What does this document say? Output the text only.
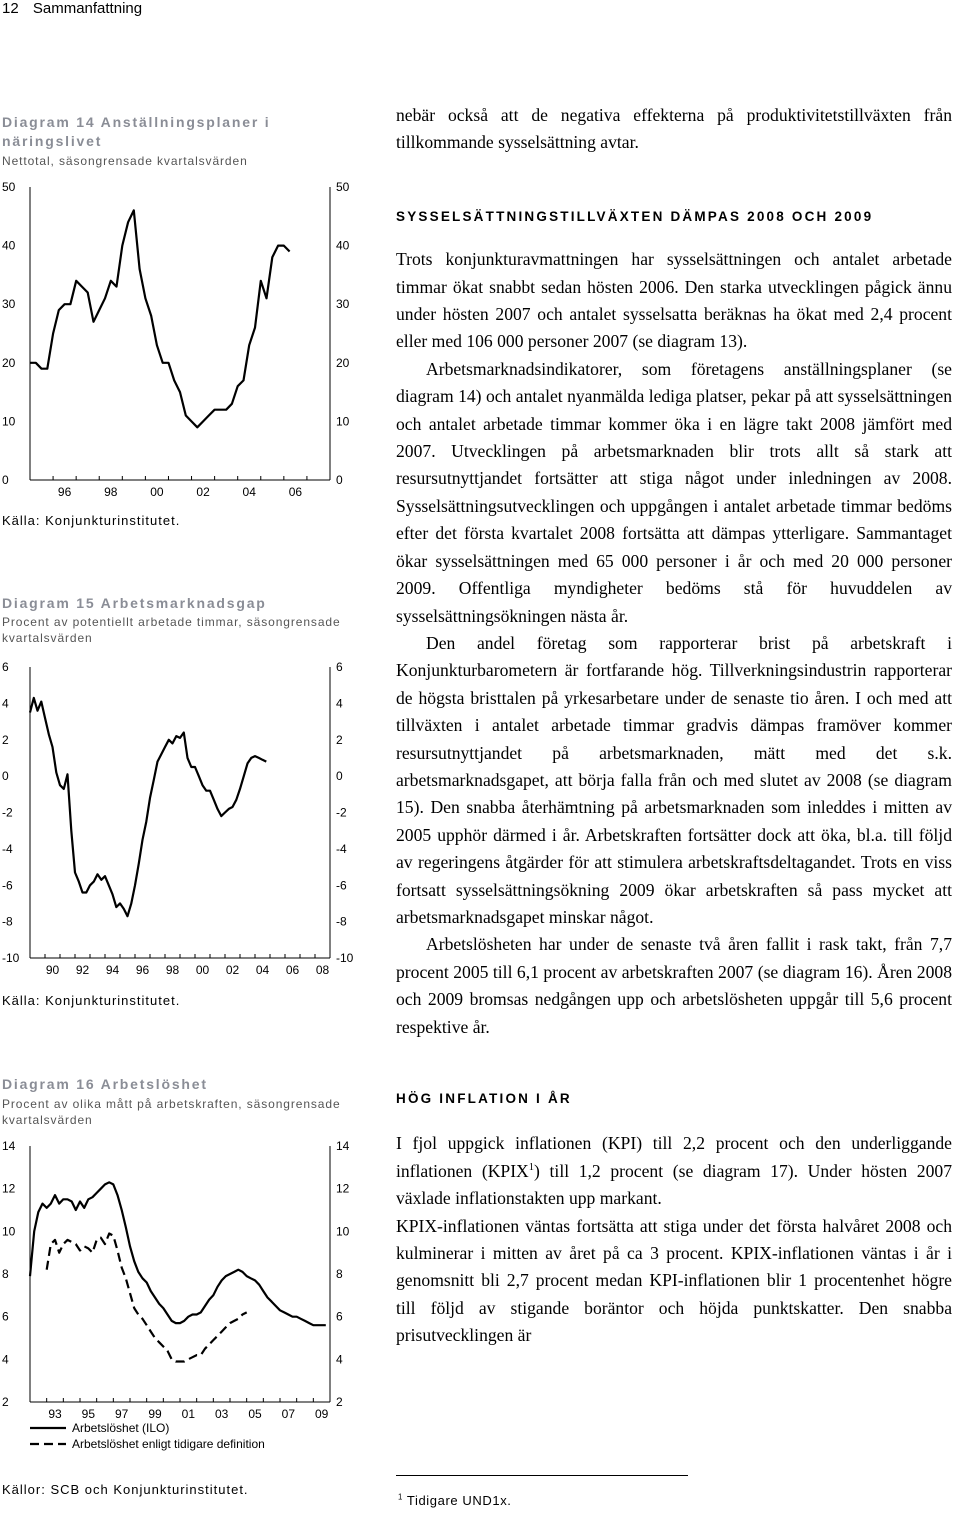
12 Sammanfattning
Diagram 14 Anställningsplaner i näringslivet
Nettotal, säsongrensade kvartalsvärden
0	0
10	10
20	20
30	30
40	40
50	50
96	98	00	02	04	06
Källa: Konjunkturinstitutet.
Diagram 15 Arbetsmarknadsgap
Procent av potentiellt arbetade timmar, säsongrensade kvartalsvärden
-10	-10
-8	-8
-6	-6
-4	-4
-2	-2
0	0
2	2
4	4
6	6
90 92 94 96 98 00 02 04 06 08
Källa: Konjunkturinstitutet.
Diagram 16 Arbetslöshet
Procent av olika mått på arbetskraften, säsongrensade kvartalsvärden
2	2
4	4
6	6
8	8
10	10
12	12
14	14
93 95 97 99 01 03 05 07 09
Arbetslöshet (ILO)
Arbetslöshet enligt tidigare definition
Källor: SCB och Konjunkturinstitutet.

nebär också att de negativa effekterna på produktivitetstillväxten från tillkommande sysselsättning avtar.

SYSSELSÄTTNINGSTILLVÄXTEN DÄMPAS 2008 OCH 2009

Trots konjunkturavmattningen har sysselsättningen och antalet arbetade timmar ökat snabbt sedan hösten 2006. Den starka utvecklingen pågick ännu under hösten 2007 och antalet sysselsatta beräknas ha ökat med 2,4 procent eller med 106 000 personer 2007 (se diagram 13).

Arbetsmarknadsindikatorer, som företagens anställningsplaner (se diagram 14) och antalet nyanmälda lediga platser, pekar på att sysselsättningen och antalet arbetade timmar kommer öka i en lägre takt 2008 jämfört med 2007. Utvecklingen på arbetsmarknaden blir trots allt så stark att resursutnyttjandet fortsätter att stiga något under inledningen av 2008. Sysselsättningsutvecklingen och uppgången i antalet arbetade timmar bedöms efter det första kvartalet 2008 fortsätta att dämpas ytterligare. Sammantaget ökar sysselsättningen med 65 000 personer i år och med 20 000 personer 2009. Offentliga myndigheter bedöms stå för huvuddelen av sysselsättningsökningen nästa år.

Den andel företag som rapporterar brist på arbetskraft i Konjunkturbarometern är fortfarande hög. Tillverkningsindustrin rapporterar de högsta bristtalen på yrkesarbetare under de senaste tio åren. I och med att tillväxten i antalet arbetade timmar gradvis dämpas framöver kommer resursutnyttjandet på arbetsmarknaden, mätt med det s.k. arbetsmarknadsgapet, att börja falla från och med slutet av 2008 (se diagram 15). Den snabba återhämtning på arbetsmarknaden som inleddes i mitten av 2005 upphör därmed i år. Arbetskraften fortsätter dock att öka, bl.a. till följd av regeringens åtgärder för att stimulera arbetskraftsdeltagandet. Trots en viss fortsatt sysselsättningsökning 2009 ökar arbetskraften så pass mycket att arbetsmarknadsgapet minskar något.

Arbetslösheten har under de senaste två åren fallit i rask takt, från 7,7 procent 2005 till 6,1 procent av arbetskraften 2007 (se diagram 16). Åren 2008 och 2009 bromsas nedgången upp och arbetslösheten uppgår till 5,6 procent respektive år.

HÖG INFLATION I ÅR

I fjol uppgick inflationen (KPI) till 2,2 procent och den underliggande inflationen (KPIX$^1$) till 1,2 procent (se diagram 17). Under hösten 2007 växlade inflationstakten upp markant.

KPIX-inflationen väntas fortsätta att stiga under det första halvåret 2008 och kulminerar i mitten av året på ca 3 procent. KPIX-inflationen väntas i år i genomsnitt bli 2,7 procent medan KPI-inflationen blir 1 procentenhet högre till följd av stigande boräntor och höjda punktskatter. Den snabba prisutvecklingen är

$^1$ Tidigare UND1x.
